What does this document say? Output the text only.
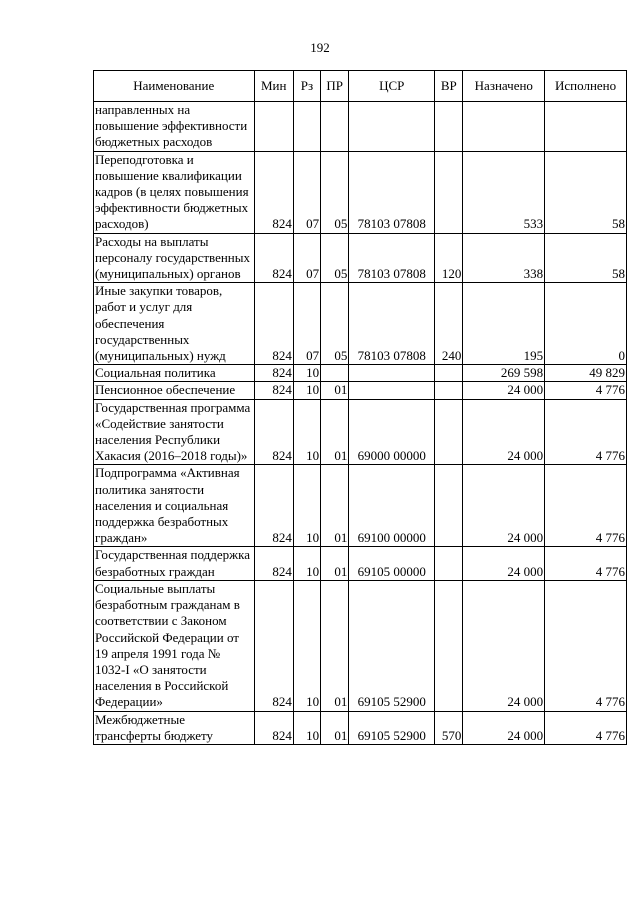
192
Наименование	Мин	Рз	ПР	ЦСР	ВР	Назначено	Исполнено
направленных на повышение эффективности бюджетных расходов							
Переподготовка и повышение квалификации кадров (в целях повышения эффективности бюджетных расходов)	824	07	05	78103 07808		533	58
Расходы на выплаты персоналу государственных (муниципальных) органов	824	07	05	78103 07808	120	338	58
Иные закупки товаров, работ и услуг для обеспечения государственных (муниципальных) нужд	824	07	05	78103 07808	240	195	0
Социальная политика	824	10				269 598	49 829
Пенсионное обеспечение	824	10	01			24 000	4 776
Государственная программа «Содействие занятости населения Республики Хакасия (2016–2018 годы)»	824	10	01	69000 00000		24 000	4 776
Подпрограмма «Активная политика занятости населения и социальная поддержка безработных граждан»	824	10	01	69100 00000		24 000	4 776
Государственная поддержка безработных граждан	824	10	01	69105 00000		24 000	4 776
Социальные выплаты безработным гражданам в соответствии с Законом Российской Федерации от 19 апреля 1991 года № 1032-I «О занятости населения в Российской Федерации»	824	10	01	69105 52900		24 000	4 776
Межбюджетные трансферты бюджету	824	10	01	69105 52900	570	24 000	4 776
